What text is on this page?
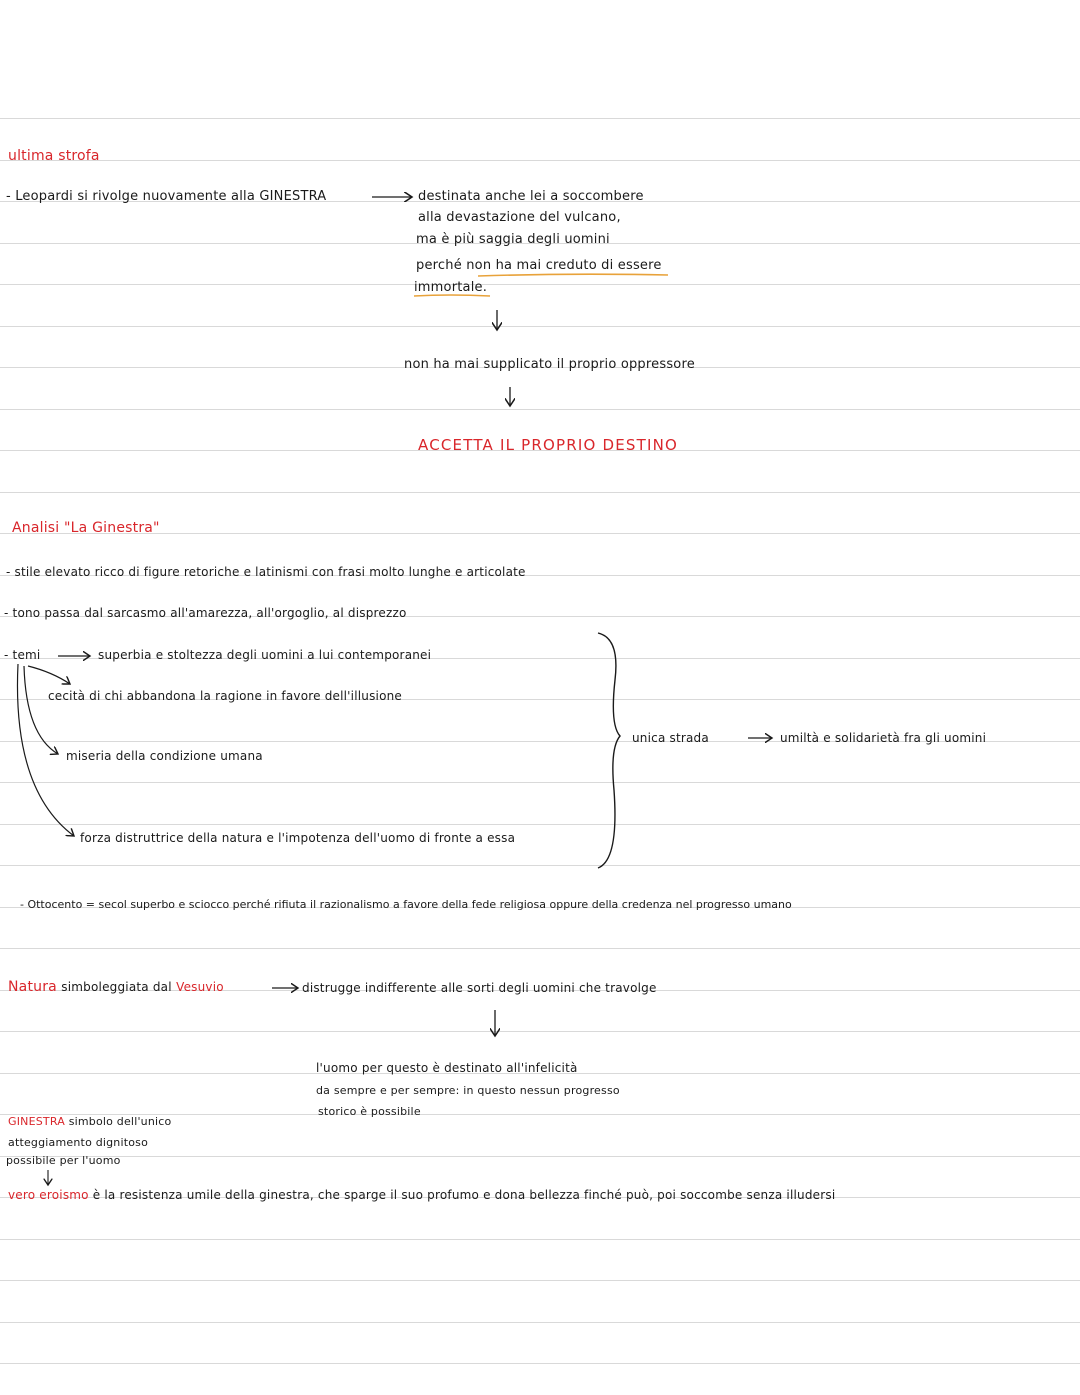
ultima strofa
- Leopardi si rivolge nuovamente alla GINESTRA	destinata anche lei a soccombere
alla devastazione del vulcano,
ma è più saggia degli uomini
perché non ha mai creduto di essere
immortale.
non ha mai supplicato il proprio oppressore
ACCETTA IL PROPRIO DESTINO
Analisi "La Ginestra"
- stile elevato ricco di figure retoriche e latinismi con frasi molto lunghe e articolate
- tono passa dal sarcasmo all'amarezza, all'orgoglio, al disprezzo
- temi	superbia e stoltezza degli uomini a lui contemporanei
cecità di chi abbandona la ragione in favore dell'illusione
miseria della condizione umana
forza distruttrice della natura e l'impotenza dell'uomo di fronte a essa
unica strada	umiltà e solidarietà fra gli uomini
- Ottocento = secol superbo e sciocco perché rifiuta il razionalismo a favore della fede religiosa oppure della credenza nel progresso umano
Natura simboleggiata dal Vesuvio	distrugge indifferente alle sorti degli uomini che travolge
l'uomo per questo è destinato all'infelicità
da sempre e per sempre: in questo nessun progresso
storico è possibile
GINESTRA simbolo dell'unico
atteggiamento dignitoso
possibile per l'uomo
vero eroismo è la resistenza umile della ginestra, che sparge il suo profumo e dona bellezza finché può, poi soccombe senza illudersi
